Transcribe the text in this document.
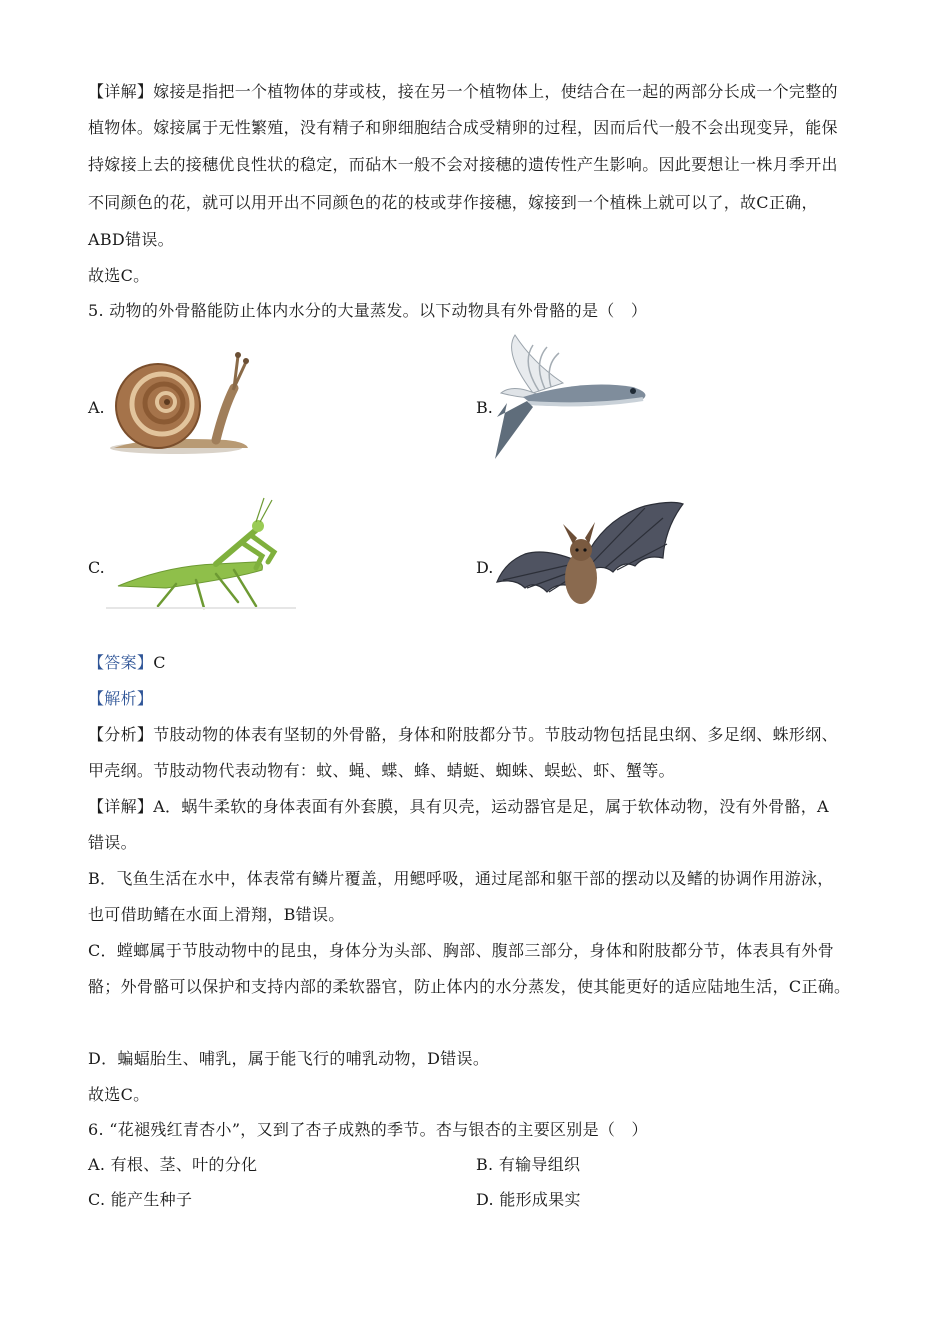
【详解】嫁接是指把一个植物体的芽或枝，接在另一个植物体上，使结合在一起的两部分长成一个完整的
植物体。嫁接属于无性繁殖，没有精子和卵细胞结合成受精卵的过程，因而后代一般不会出现变异，能保
持嫁接上去的接穗优良性状的稳定，而砧木一般不会对接穗的遗传性产生影响。因此要想让一株月季开出
不同颜色的花，就可以用开出不同颜色的花的枝或芽作接穗，嫁接到一个植株上就可以了，故C正确，
ABD错误。
故选C。
5. 动物的外骨骼能防止体内水分的大量蒸发。以下动物具有外骨骼的是（　）
A.	B.
C.	D.
【答案】C
【解析】
【分析】节肢动物的体表有坚韧的外骨骼，身体和附肢都分节。节肢动物包括昆虫纲、多足纲、蛛形纲、
甲壳纲。节肢动物代表动物有：蚊、蝇、蝶、蜂、蜻蜓、蜘蛛、蜈蚣、虾、蟹等。
【详解】A．蜗牛柔软的身体表面有外套膜，具有贝壳，运动器官是足，属于软体动物，没有外骨骼，A
错误。
B．飞鱼生活在水中，体表常有鳞片覆盖，用鳃呼吸，通过尾部和躯干部的摆动以及鳍的协调作用游泳，
也可借助鳍在水面上滑翔，B错误。
C．螳螂属于节肢动物中的昆虫，身体分为头部、胸部、腹部三部分，身体和附肢都分节，体表具有外骨
骼；外骨骼可以保护和支持内部的柔软器官，防止体内的水分蒸发，使其能更好的适应陆地生活，C正确。
D．蝙蝠胎生、哺乳，属于能飞行的哺乳动物，D错误。
故选C。
6. “花褪残红青杏小”，又到了杏子成熟的季节。杏与银杏的主要区别是（　）
A. 有根、茎、叶的分化	B. 有输导组织
C. 能产生种子	D. 能形成果实
